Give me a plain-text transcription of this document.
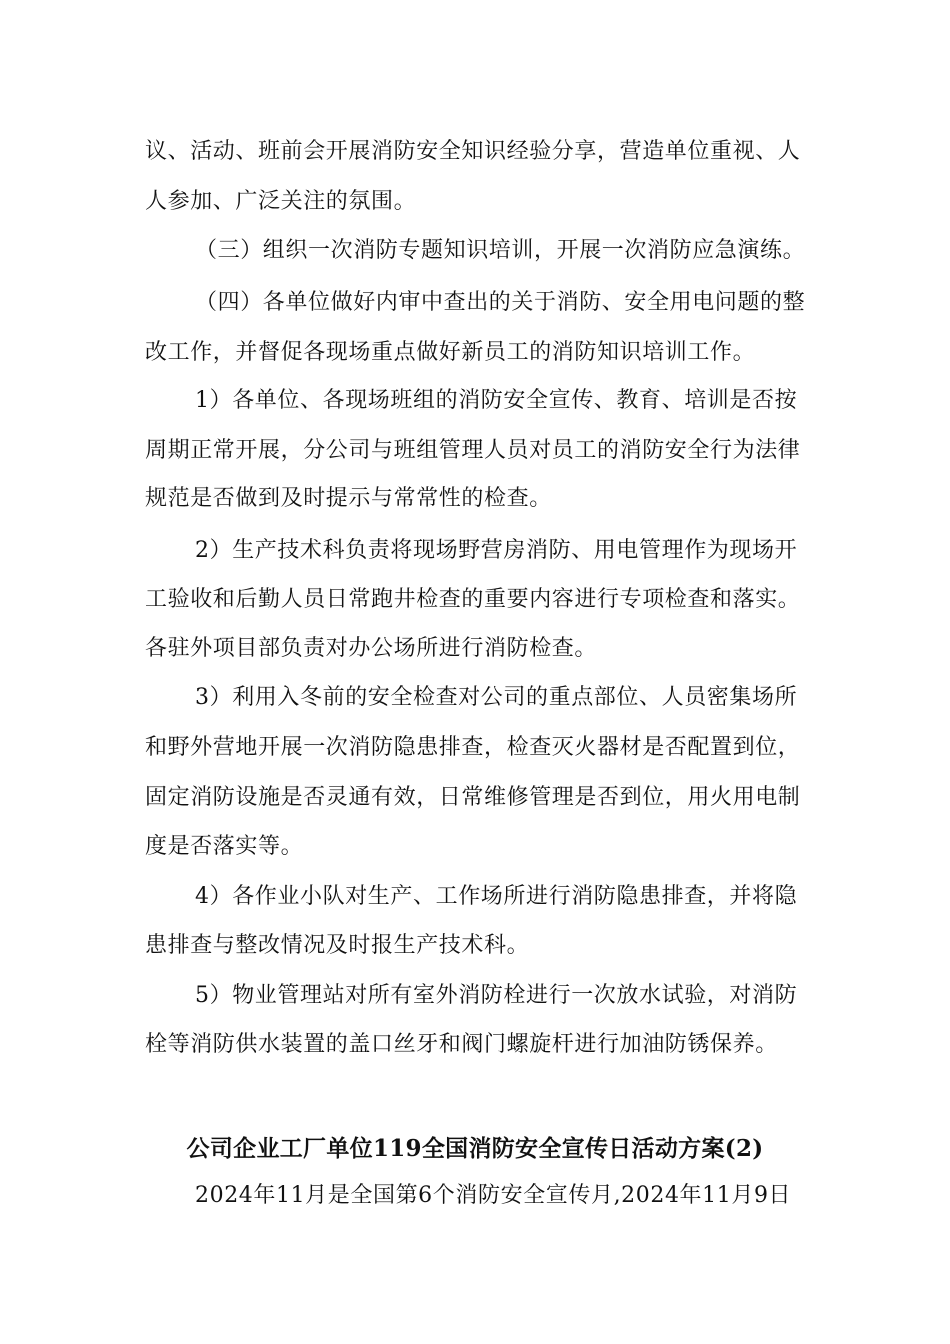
议、活动、班前会开展消防安全知识经验分享，营造单位重视、人
人参加、广泛关注的氛围。
（三）组织一次消防专题知识培训，开展一次消防应急演练。
（四）各单位做好内审中查出的关于消防、安全用电问题的整
改工作，并督促各现场重点做好新员工的消防知识培训工作。
1）各单位、各现场班组的消防安全宣传、教育、培训是否按
周期正常开展，分公司与班组管理人员对员工的消防安全行为法律
规范是否做到及时提示与常常性的检查。
2）生产技术科负责将现场野营房消防、用电管理作为现场开
工验收和后勤人员日常跑井检查的重要内容进行专项检查和落实。
各驻外项目部负责对办公场所进行消防检查。
3）利用入冬前的安全检查对公司的重点部位、人员密集场所
和野外营地开展一次消防隐患排查，检查灭火器材是否配置到位，
固定消防设施是否灵通有效，日常维修管理是否到位，用火用电制
度是否落实等。
4）各作业小队对生产、工作场所进行消防隐患排查，并将隐
患排查与整改情况及时报生产技术科。
5）物业管理站对所有室外消防栓进行一次放水试验，对消防
栓等消防供水装置的盖口丝牙和阀门螺旋杆进行加油防锈保养。
公司企业工厂单位119全国消防安全宣传日活动方案(2)
2024年11月是全国第6个消防安全宣传月,2024年11月9日
